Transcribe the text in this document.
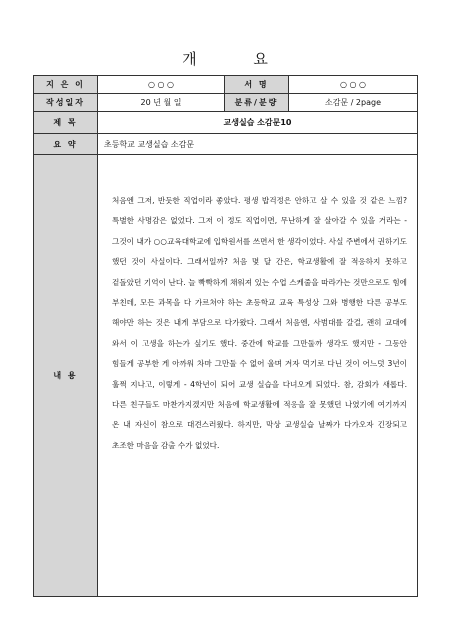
개 요
지 은 이	○ ○ ○	서 명	○ ○ ○
작성일자	20 년 월 일	분류/분량	소감문 / 2page
제 목	교생실습 소감문10		
요 약	초등학교 교생실습 소감문		
내 용	처음엔 그저, 반듯한 직업이라 좋았다. 평생 밥걱정은 안하고 살 수 있을 것 같은 느낌? 특별한 사명감은 없었다. 그저 이 정도 직업이면, 무난하게 잘 살아갈 수 있을 거라는 - 그것이 내가 ○○교육대학교에 입학원서를 쓰면서 한 생각이었다. 사실 주변에서 권하기도 했던 것이 사실이다. 그래서일까? 처음 몇 달 간은, 학교생활에 잘 적응하지 못하고 겉돌았던 기억이 난다. 늘 빡빡하게 채워져 있는 수업 스케줄을 따라가는 것만으로도 힘에 부친데, 모든 과목을 다 가르쳐야 하는 초등학교 교육 특성상 그와 병행한 다른 공부도 해야만 하는 것은 내게 부담으로 다가왔다. 그래서 처음엔, 사범대를 갈걸, 괜히 교대에 와서 이 고생을 하는가 싶기도 했다. 중간에 학교를 그만둘까 생각도 했지만 - 그동안 힘들게 공부한 게 아까워 차마 그만둘 수 없어 울며 겨자 먹기로 다닌 것이 어느덧 3년이 훌쩍 지나고, 이렇게 - 4학년이 되어 교생 실습을 다녀오게 되었다. 참, 감회가 새롭다. 다른 친구들도 마찬가지겠지만 처음에 학교생활에 적응을 잘 못했던 나였기에 여기까지 온 내 자신이 참으로 대견스러웠다. 하지만, 막상 교생실습 날짜가 다가오자 긴장되고 초조한 마음을 감출 수가 없었다.		
